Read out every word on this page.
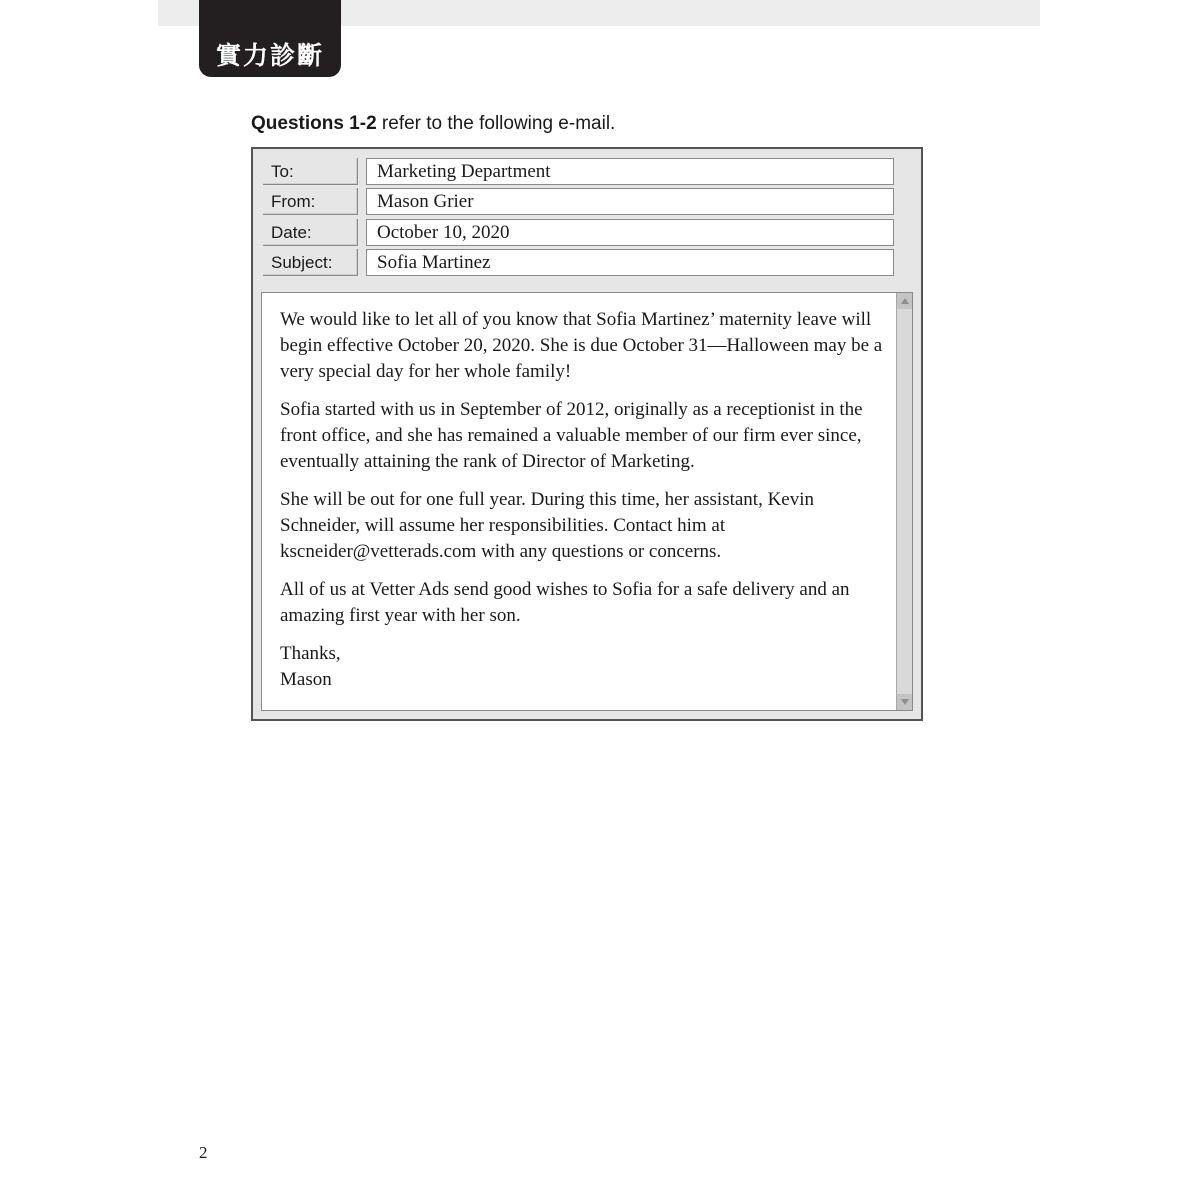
實力診斷
Questions 1-2 refer to the following e-mail.
To:	Marketing Department
From:	Mason Grier
Date:	October 10, 2020
Subject:	Sofia Martinez

We would like to let all of you know that Sofia Martinez’ maternity leave will begin effective October 20, 2020. She is due October 31—Halloween may be a very special day for her whole family!

Sofia started with us in September of 2012, originally as a receptionist in the front office, and she has remained a valuable member of our firm ever since, eventually attaining the rank of Director of Marketing.

She will be out for one full year. During this time, her assistant, Kevin Schneider, will assume her responsibilities. Contact him at kscneider@vetterads.com with any questions or concerns.

All of us at Vetter Ads send good wishes to Sofia for a safe delivery and an amazing first year with her son.

Thanks,
Mason

2
